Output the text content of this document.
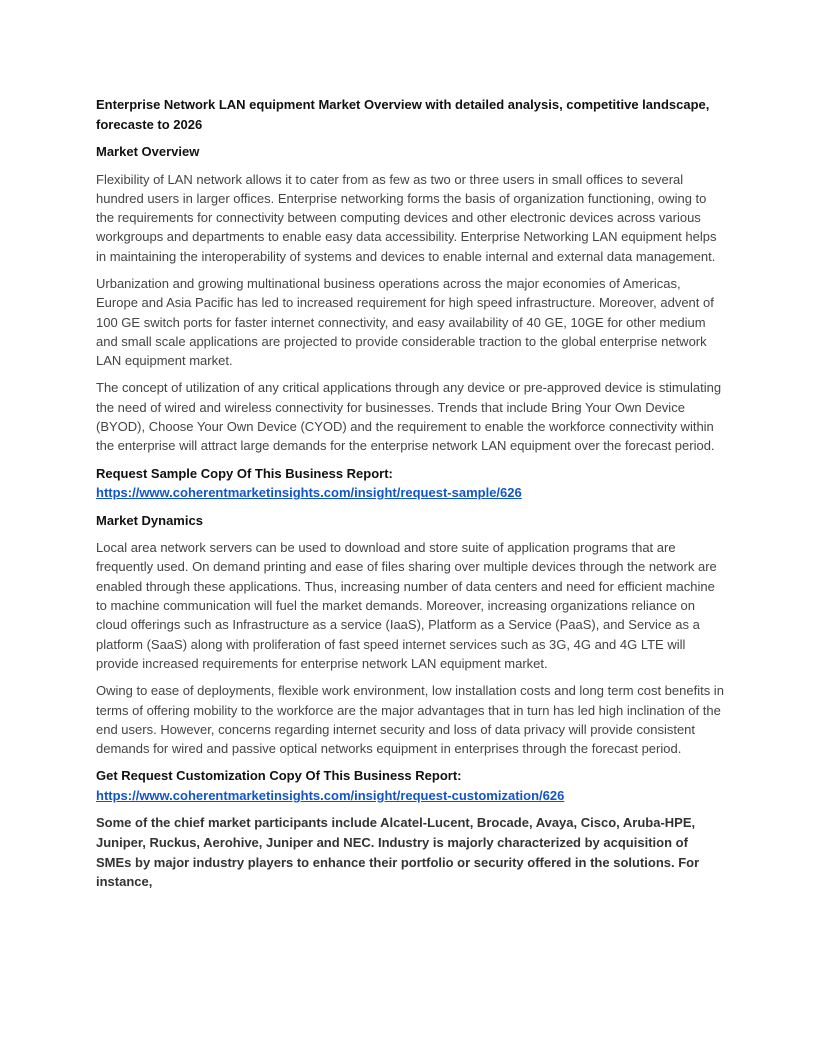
Enterprise Network LAN equipment Market Overview with detailed analysis, competitive landscape, forecaste to 2026

Market Overview

Flexibility of LAN network allows it to cater from as few as two or three users in small offices to several hundred users in larger offices. Enterprise networking forms the basis of organization functioning, owing to the requirements for connectivity between computing devices and other electronic devices across various workgroups and departments to enable easy data accessibility. Enterprise Networking LAN equipment helps in maintaining the interoperability of systems and devices to enable internal and external data management.

Urbanization and growing multinational business operations across the major economies of Americas, Europe and Asia Pacific has led to increased requirement for high speed infrastructure. Moreover, advent of 100 GE switch ports for faster internet connectivity, and easy availability of 40 GE, 10GE for other medium and small scale applications are projected to provide considerable traction to the global enterprise network LAN equipment market.

The concept of utilization of any critical applications through any device or pre-approved device is stimulating the need of wired and wireless connectivity for businesses. Trends that include Bring Your Own Device (BYOD), Choose Your Own Device (CYOD) and the requirement to enable the workforce connectivity within the enterprise will attract large demands for the enterprise network LAN equipment over the forecast period.

Request Sample Copy Of This Business Report:
https://www.coherentmarketinsights.com/insight/request-sample/626

Market Dynamics

Local area network servers can be used to download and store suite of application programs that are frequently used. On demand printing and ease of files sharing over multiple devices through the network are enabled through these applications. Thus, increasing number of data centers and need for efficient machine to machine communication will fuel the market demands. Moreover, increasing organizations reliance on cloud offerings such as Infrastructure as a service (IaaS), Platform as a Service (PaaS), and Service as a platform (SaaS) along with proliferation of fast speed internet services such as 3G, 4G and 4G LTE will provide increased requirements for enterprise network LAN equipment market.

Owing to ease of deployments, flexible work environment, low installation costs and long term cost benefits in terms of offering mobility to the workforce are the major advantages that in turn has led high inclination of the end users. However, concerns regarding internet security and loss of data privacy will provide consistent demands for wired and passive optical networks equipment in enterprises through the forecast period.

Get Request Customization Copy Of This Business Report:
https://www.coherentmarketinsights.com/insight/request-customization/626

Some of the chief market participants include Alcatel-Lucent, Brocade, Avaya, Cisco, Aruba-HPE, Juniper, Ruckus, Aerohive, Juniper and NEC. Industry is majorly characterized by acquisition of SMEs by major industry players to enhance their portfolio or security offered in the solutions. For instance,
